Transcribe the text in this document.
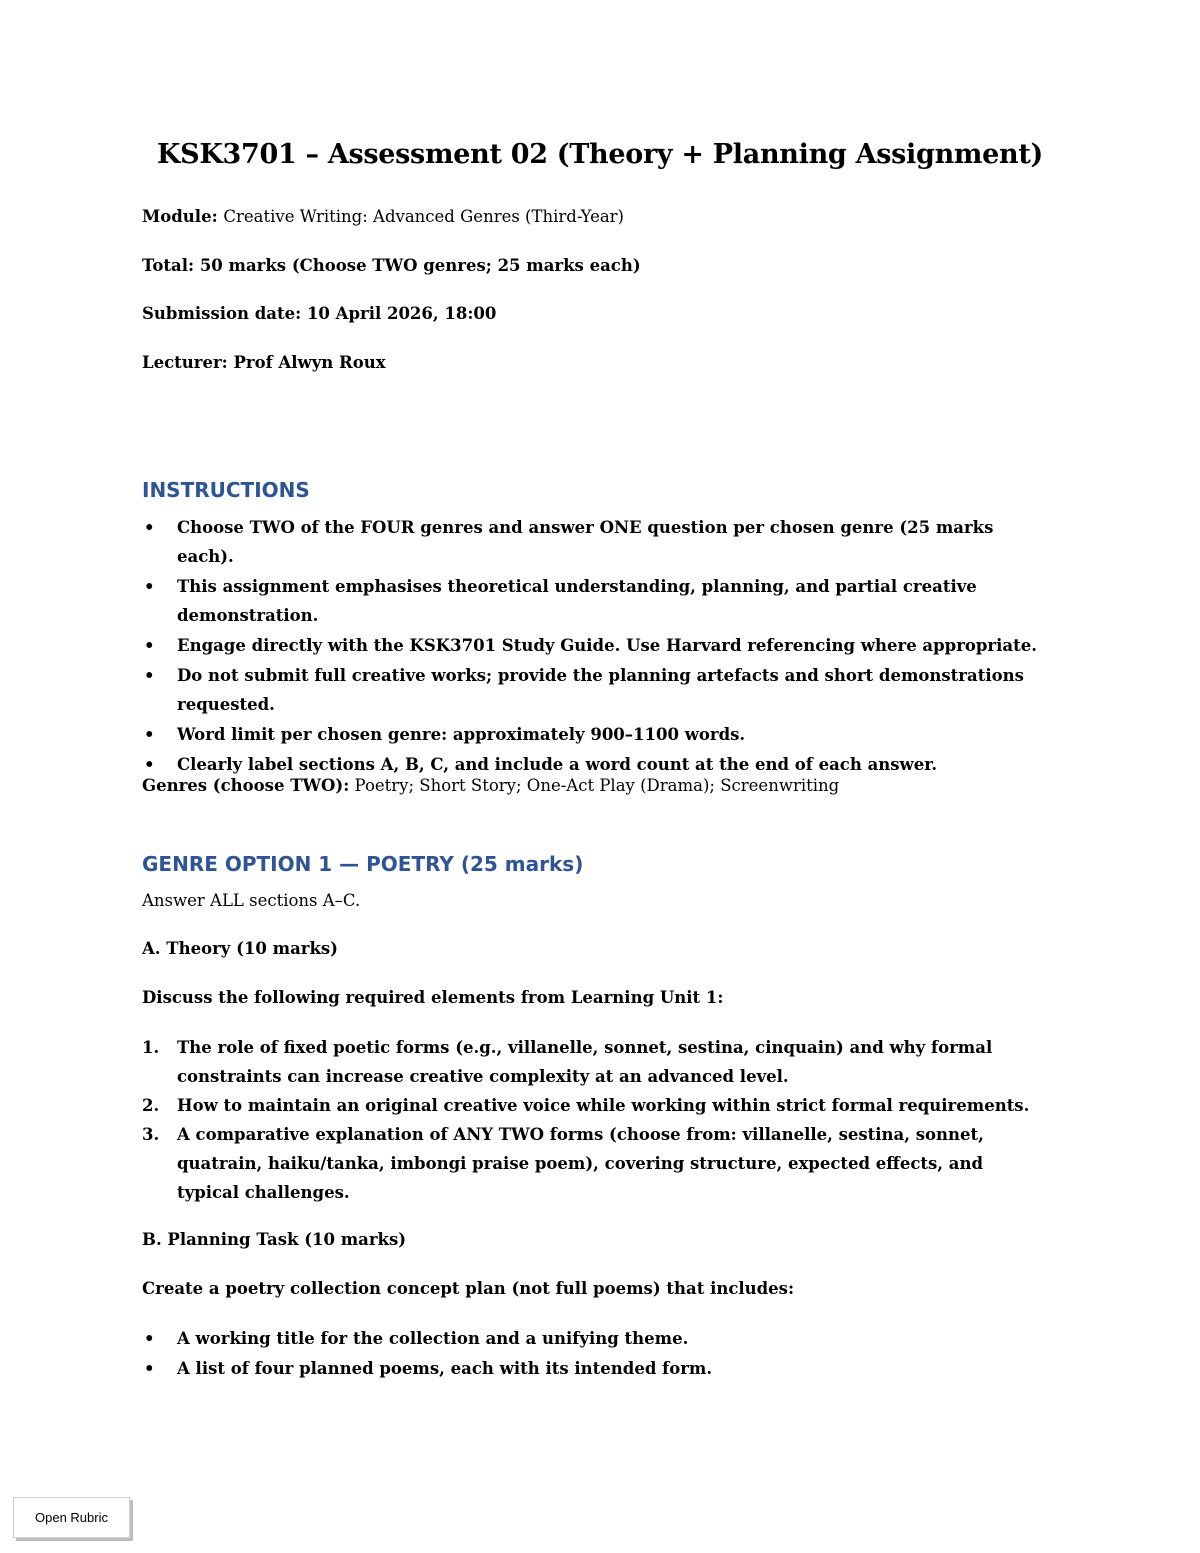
KSK3701 – Assessment 02 (Theory + Planning Assignment)
Module: Creative Writing: Advanced Genres (Third-Year)
Total: 50 marks (Choose TWO genres; 25 marks each)
Submission date: 10 April 2026, 18:00
Lecturer: Prof Alwyn Roux
INSTRUCTIONS
• Choose TWO of the FOUR genres and answer ONE question per chosen genre (25 marks each).
• This assignment emphasises theoretical understanding, planning, and partial creative demonstration.
• Engage directly with the KSK3701 Study Guide. Use Harvard referencing where appropriate.
• Do not submit full creative works; provide the planning artefacts and short demonstrations requested.
• Word limit per chosen genre: approximately 900–1100 words.
• Clearly label sections A, B, C, and include a word count at the end of each answer.
Genres (choose TWO): Poetry; Short Story; One-Act Play (Drama); Screenwriting
GENRE OPTION 1 — POETRY (25 marks)
Answer ALL sections A–C.
A. Theory (10 marks)
Discuss the following required elements from Learning Unit 1:
1. The role of fixed poetic forms (e.g., villanelle, sonnet, sestina, cinquain) and why formal constraints can increase creative complexity at an advanced level.
2. How to maintain an original creative voice while working within strict formal requirements.
3. A comparative explanation of ANY TWO forms (choose from: villanelle, sestina, sonnet, quatrain, haiku/tanka, imbongi praise poem), covering structure, expected effects, and typical challenges.
B. Planning Task (10 marks)
Create a poetry collection concept plan (not full poems) that includes:
• A working title for the collection and a unifying theme.
• A list of four planned poems, each with its intended form.
Open Rubric
